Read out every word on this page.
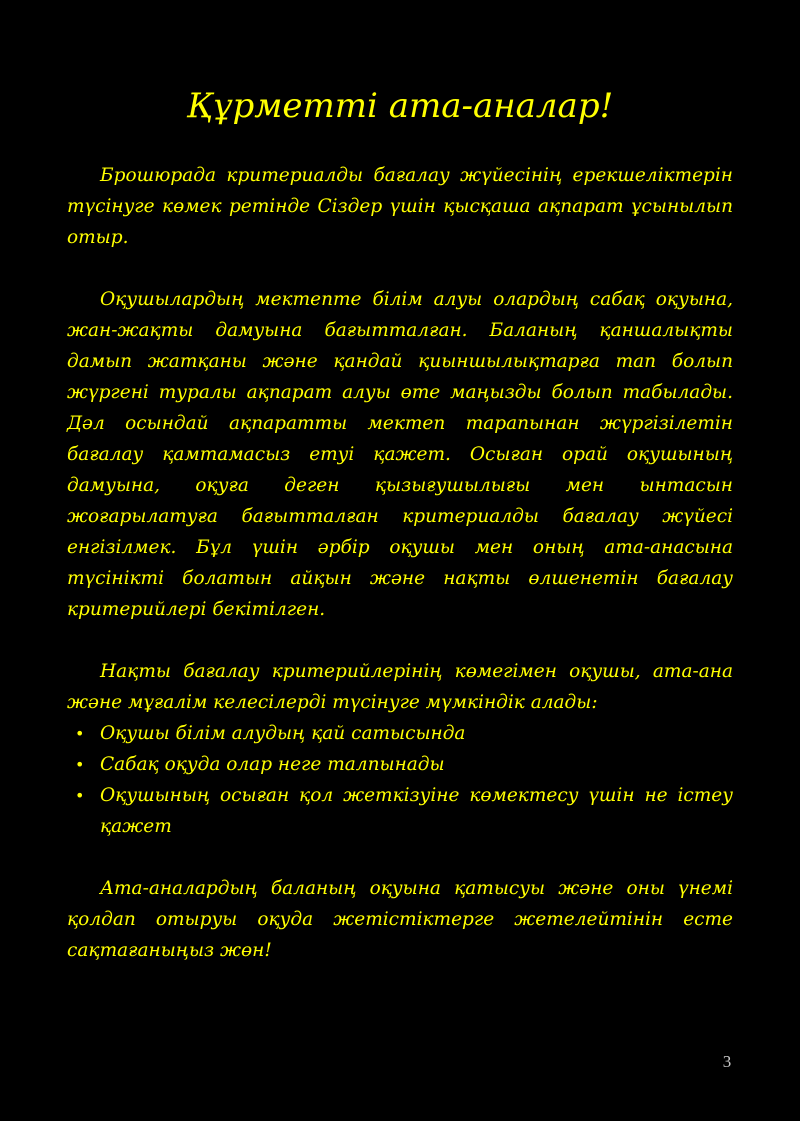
Құрметті ата-аналар!

Брошюрада критериалды бағалау жүйесінің ерекшеліктерін түсінуге көмек ретінде Сіздер үшін қысқаша ақпарат ұсынылып отыр.

Оқушылардың мектепте білім алуы олардың сабақ оқуына, жан-жақты дамуына бағытталған. Баланың қаншалықты дамып жатқаны және қандай қиыншылықтарға тап болып жүргені туралы ақпарат алуы өте маңызды болып табылады. Дәл осындай ақпаратты мектеп тарапынан жүргізілетін бағалау қамтамасыз етуі қажет. Осыған орай оқушының дамуына, оқуға деген қызығушылығы мен ынтасын жоғарылатуға бағытталған критериалды бағалау жүйесі енгізілмек. Бұл үшін әрбір оқушы мен оның ата-анасына түсінікті болатын айқын және нақты өлшенетін бағалау критерийлері бекітілген.

Нақты бағалау критерийлерінің көмегімен оқушы, ата-ана және мұғалім келесілерді түсінуге мүмкіндік алады:

• Оқушы білім алудың қай сатысында
• Сабақ оқуда олар неге талпынады
• Оқушының осыған қол жеткізуіне көмектесу үшін не істеу қажет

Ата-аналардың баланың оқуына қатысуы және оны үнемі қолдап отыруы оқуда жетістіктерге жетелейтінін есте сақтағаныңыз жөн!

3
